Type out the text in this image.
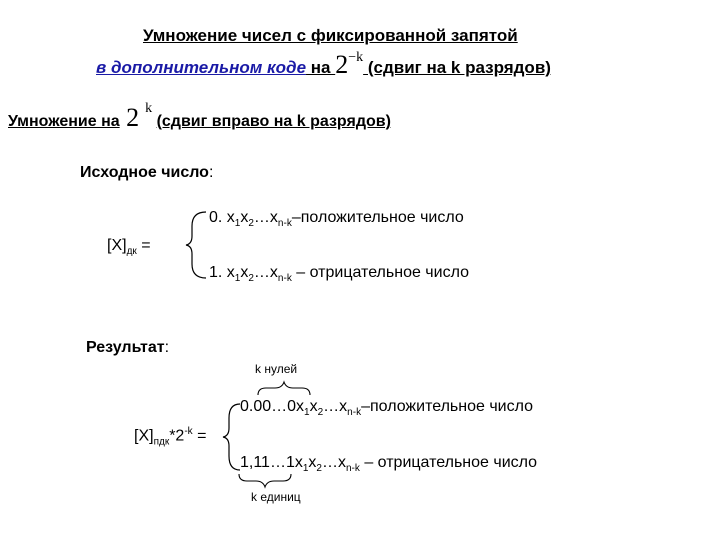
Умножение чисел с фиксированной запятой
в дополнительном коде на $2^{-k}$ (сдвиг на k разрядов)
Умножение на 2 k (сдвиг вправо на k разрядов)
Исходное число:
0. $x_1x_2\dots x_{n-k}$–положительное число
$[X]_{дк}$ =
1. $x_1x_2\dots x_{n-k}$ – отрицательное число
Результат:
k нулей
$0.00\dots 0x_1x_2\dots x_{n-k}$–положительное число
$[X]_{пдк}*2^{-k}$ =
$1,11\dots 1x_1x_2\dots x_{n-k}$ – отрицательное число
k единиц
